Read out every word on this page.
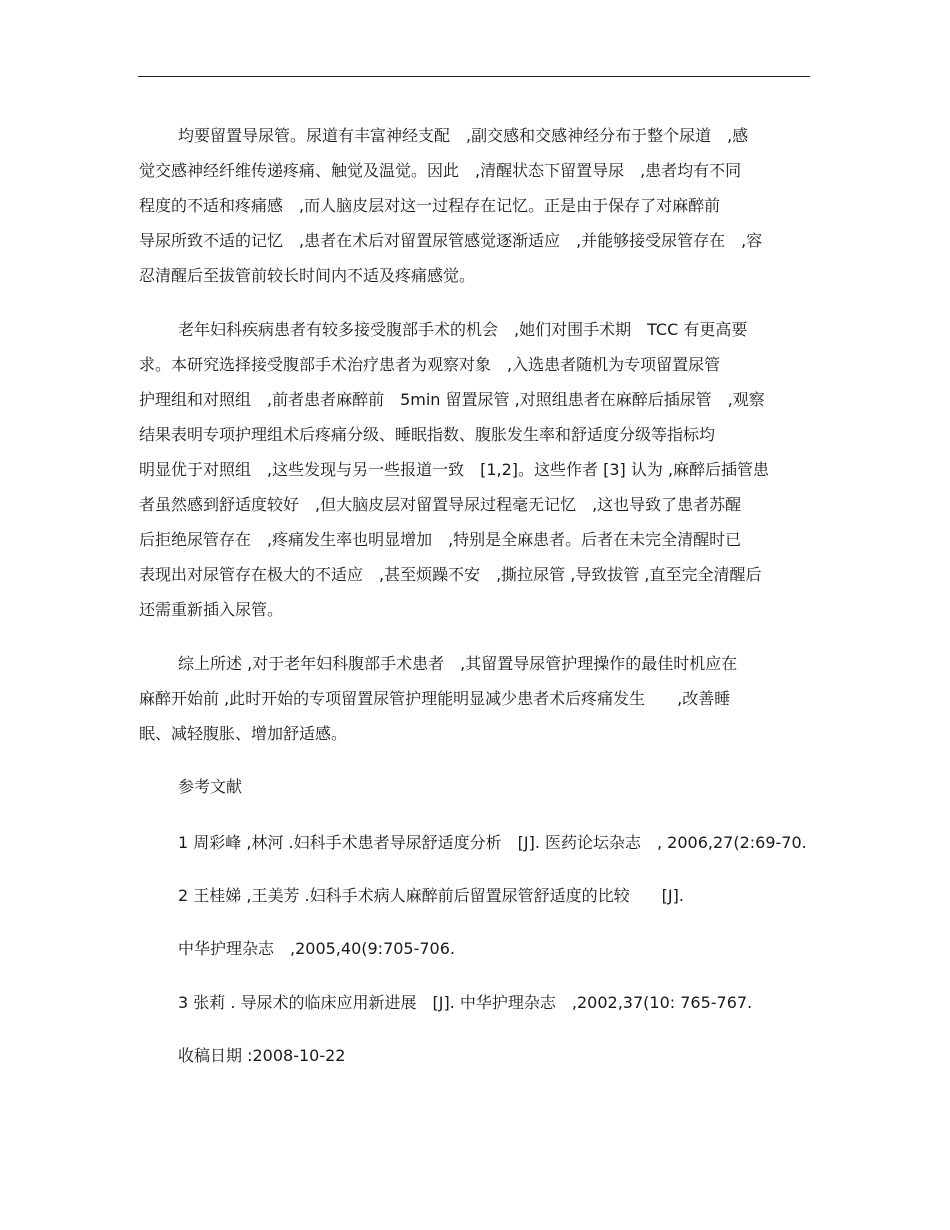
均要留置导尿管。尿道有丰富神经支配　,副交感和交感神经分布于整个尿道　,感

觉交感神经纤维传递疼痛、触觉及温觉。因此　,清醒状态下留置导尿　,患者均有不同

程度的不适和疼痛感　,而人脑皮层对这一过程存在记忆。正是由于保存了对麻醉前

导尿所致不适的记忆　,患者在术后对留置尿管感觉逐渐适应　,并能够接受尿管存在　,容

忍清醒后至拔管前较长时间内不适及疼痛感觉。

老年妇科疾病患者有较多接受腹部手术的机会　,她们对围手术期　TCC 有更高要

求。本研究选择接受腹部手术治疗患者为观察对象　,入选患者随机为专项留置尿管

护理组和对照组　,前者患者麻醉前　5min 留置尿管 ,对照组患者在麻醉后插尿管　,观察

结果表明专项护理组术后疼痛分级、睡眠指数、腹胀发生率和舒适度分级等指标均

明显优于对照组　,这些发现与另一些报道一致　[1,2]。这些作者 [3] 认为 ,麻醉后插管患

者虽然感到舒适度较好　,但大脑皮层对留置导尿过程毫无记忆　,这也导致了患者苏醒

后拒绝尿管存在　,疼痛发生率也明显增加　,特别是全麻患者。后者在未完全清醒时已

表现出对尿管存在极大的不适应　,甚至烦躁不安　,撕拉尿管 ,导致拔管 ,直至完全清醒后

还需重新插入尿管。

综上所述 ,对于老年妇科腹部手术患者　,其留置导尿管护理操作的最佳时机应在

麻醉开始前 ,此时开始的专项留置尿管护理能明显减少患者术后疼痛发生　　,改善睡

眠、减轻腹胀、增加舒适感。

参考文献

1 周彩峰 ,林河 .妇科手术患者导尿舒适度分析　[J]. 医药论坛杂志　, 2006,27(2:69-70.

2 王桂娣 ,王美芳 .妇科手术病人麻醉前后留置尿管舒适度的比较　　[J].

中华护理杂志　,2005,40(9:705-706.

3 张莉 . 导尿术的临床应用新进展　[J]. 中华护理杂志　,2002,37(10: 765-767.

收稿日期 :2008-10-22
